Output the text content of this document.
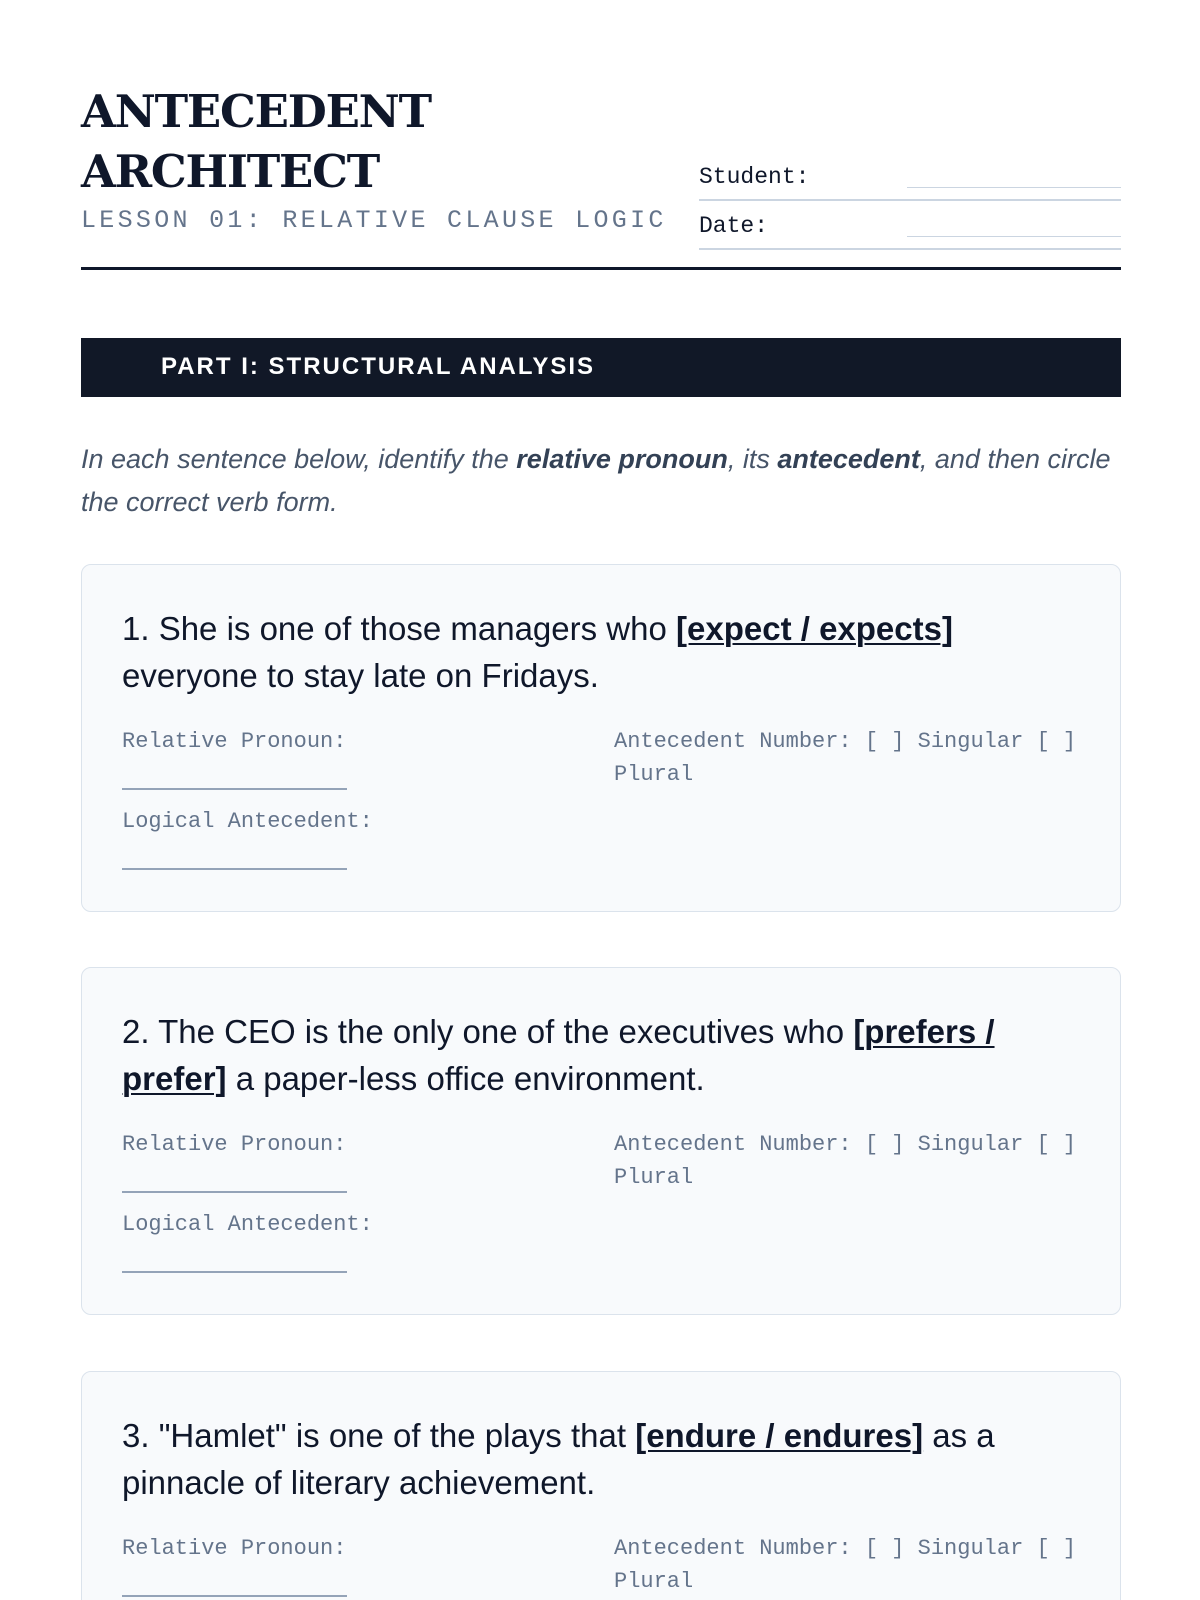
ANTECEDENT ARCHITECT
LESSON 01: RELATIVE CLAUSE LOGIC
Student:
Date:
PART I: STRUCTURAL ANALYSIS

In each sentence below, identify the relative pronoun, its antecedent, and then circle the correct verb form.

1. She is one of those managers who [expect / expects] everyone to stay late on Fridays.

Relative Pronoun:
Logical Antecedent:
Antecedent Number: [ ] Singular [ ] Plural

2. The CEO is the only one of the executives who [prefers / prefer] a paper-less office environment.

Relative Pronoun:
Logical Antecedent:
Antecedent Number: [ ] Singular [ ] Plural

3. "Hamlet" is one of the plays that [endure / endures] as a pinnacle of literary achievement.

Relative Pronoun:	Antecedent Number: [ ] Singular [ ] Plural
